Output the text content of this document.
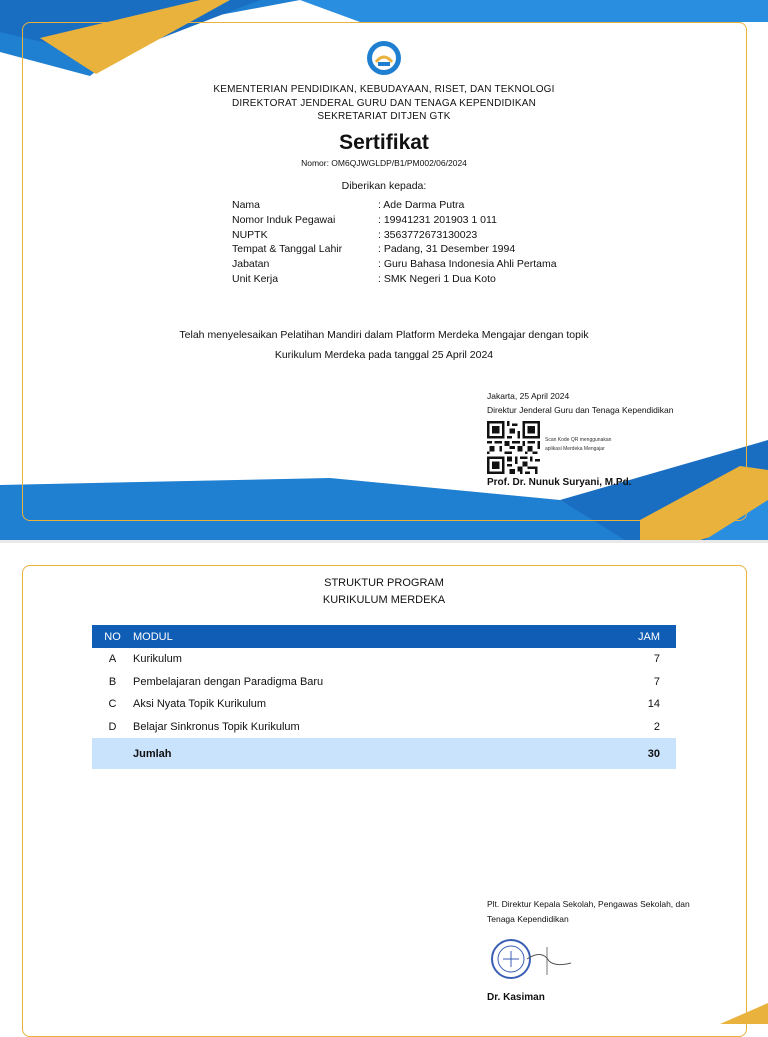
KEMENTERIAN PENDIDIKAN, KEBUDAYAAN, RISET, DAN TEKNOLOGI
DIREKTORAT JENDERAL GURU DAN TENAGA KEPENDIDIKAN
SEKRETARIAT DITJEN GTK
Sertifikat
Nomor: OM6QJWGLDP/B1/PM002/06/2024
Diberikan kepada:
Nama	: Ade Darma Putra
Nomor Induk Pegawai	: 19941231 201903 1 011
NUPTK	: 3563772673130023
Tempat & Tanggal Lahir	: Padang, 31 Desember 1994
Jabatan	: Guru Bahasa Indonesia Ahli Pertama
Unit Kerja	: SMK Negeri 1 Dua Koto
Telah menyelesaikan Pelatihan Mandiri dalam Platform Merdeka Mengajar dengan topik
Kurikulum Merdeka pada tanggal 25 April 2024
Jakarta, 25 April 2024
Direktur Jenderal Guru dan Tenaga Kependidikan
Scan Kode QR menggunakan
aplikasi Merdeka Mengajar
Prof. Dr. Nunuk Suryani, M.Pd.
STRUKTUR PROGRAM
KURIKULUM MERDEKA
NO	MODUL	JAM
A	Kurikulum	7
B	Pembelajaran dengan Paradigma Baru	7
C	Aksi Nyata Topik Kurikulum	14
D	Belajar Sinkronus Topik Kurikulum	2
	Jumlah	30
Plt. Direktur Kepala Sekolah, Pengawas Sekolah, dan
Tenaga Kependidikan
Dr. Kasiman
